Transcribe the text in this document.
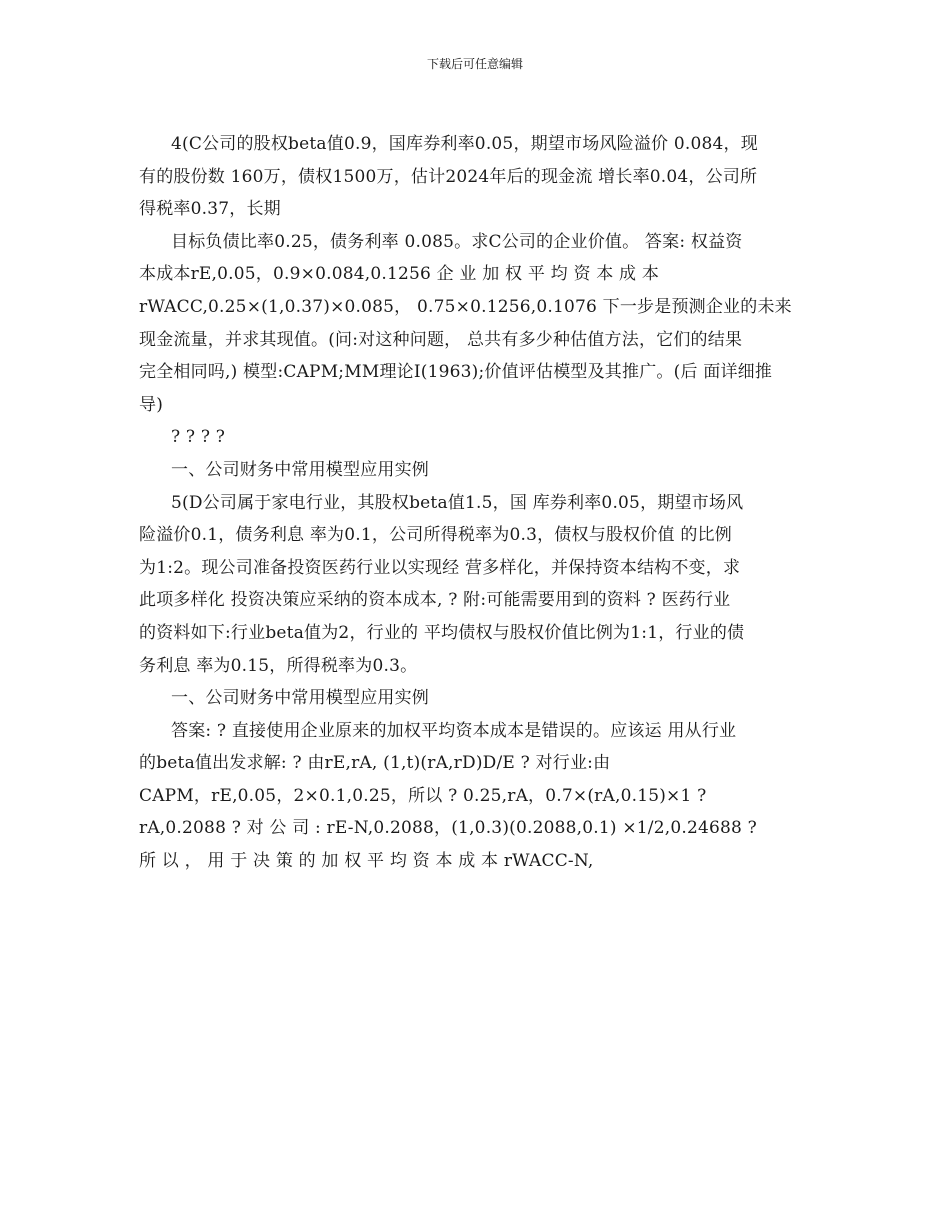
下载后可任意编辑

4(C公司的股权beta值0.9，国库券利率0.05，期望市场风险溢价 0.084，现

有的股份数 160万，债权1500万，估计2024年后的现金流 增长率0.04，公司所

得税率0.37，长期

目标负债比率0.25，债务利率 0.085。求C公司的企业价值。 答案: 权益资

本成本rE,0.05，0.9×0.084,0.1256 企 业 加 权 平 均 资 本 成 本

rWACC,0.25×(1,0.37)×0.085， 0.75×0.1256,0.1076 下一步是预测企业的未来

现金流量，并求其现值。(问:对这种问题， 总共有多少种估值方法，它们的结果

完全相同吗,) 模型:CAPM;MM理论I(1963);价值评估模型及其推广。(后 面详细推

导)

? ? ? ?

一、公司财务中常用模型应用实例

5(D公司属于家电行业，其股权beta值1.5，国 库券利率0.05，期望市场风

险溢价0.1，债务利息 率为0.1，公司所得税率为0.3，债权与股权价值 的比例

为1:2。现公司准备投资医药行业以实现经 营多样化，并保持资本结构不变，求

此项多样化 投资决策应采纳的资本成本, ? 附:可能需要用到的资料 ? 医药行业

的资料如下:行业beta值为2，行业的 平均债权与股权价值比例为1:1，行业的债

务利息 率为0.15，所得税率为0.3。

一、公司财务中常用模型应用实例

答案: ? 直接使用企业原来的加权平均资本成本是错误的。应该运 用从行业

的beta值出发求解: ? 由rE,rA, (1,t)(rA,rD)D/E ? 对行业:由

CAPM，rE,0.05，2×0.1,0.25，所以 ? 0.25,rA，0.7×(rA,0.15)×1 ?

rA,0.2088 ? 对 公 司 : rE-N,0.2088，(1,0.3)(0.2088,0.1) ×1/2,0.24688 ?

所 以 ， 用 于 决 策 的 加 权 平 均 资 本 成 本 rWACC-N,
